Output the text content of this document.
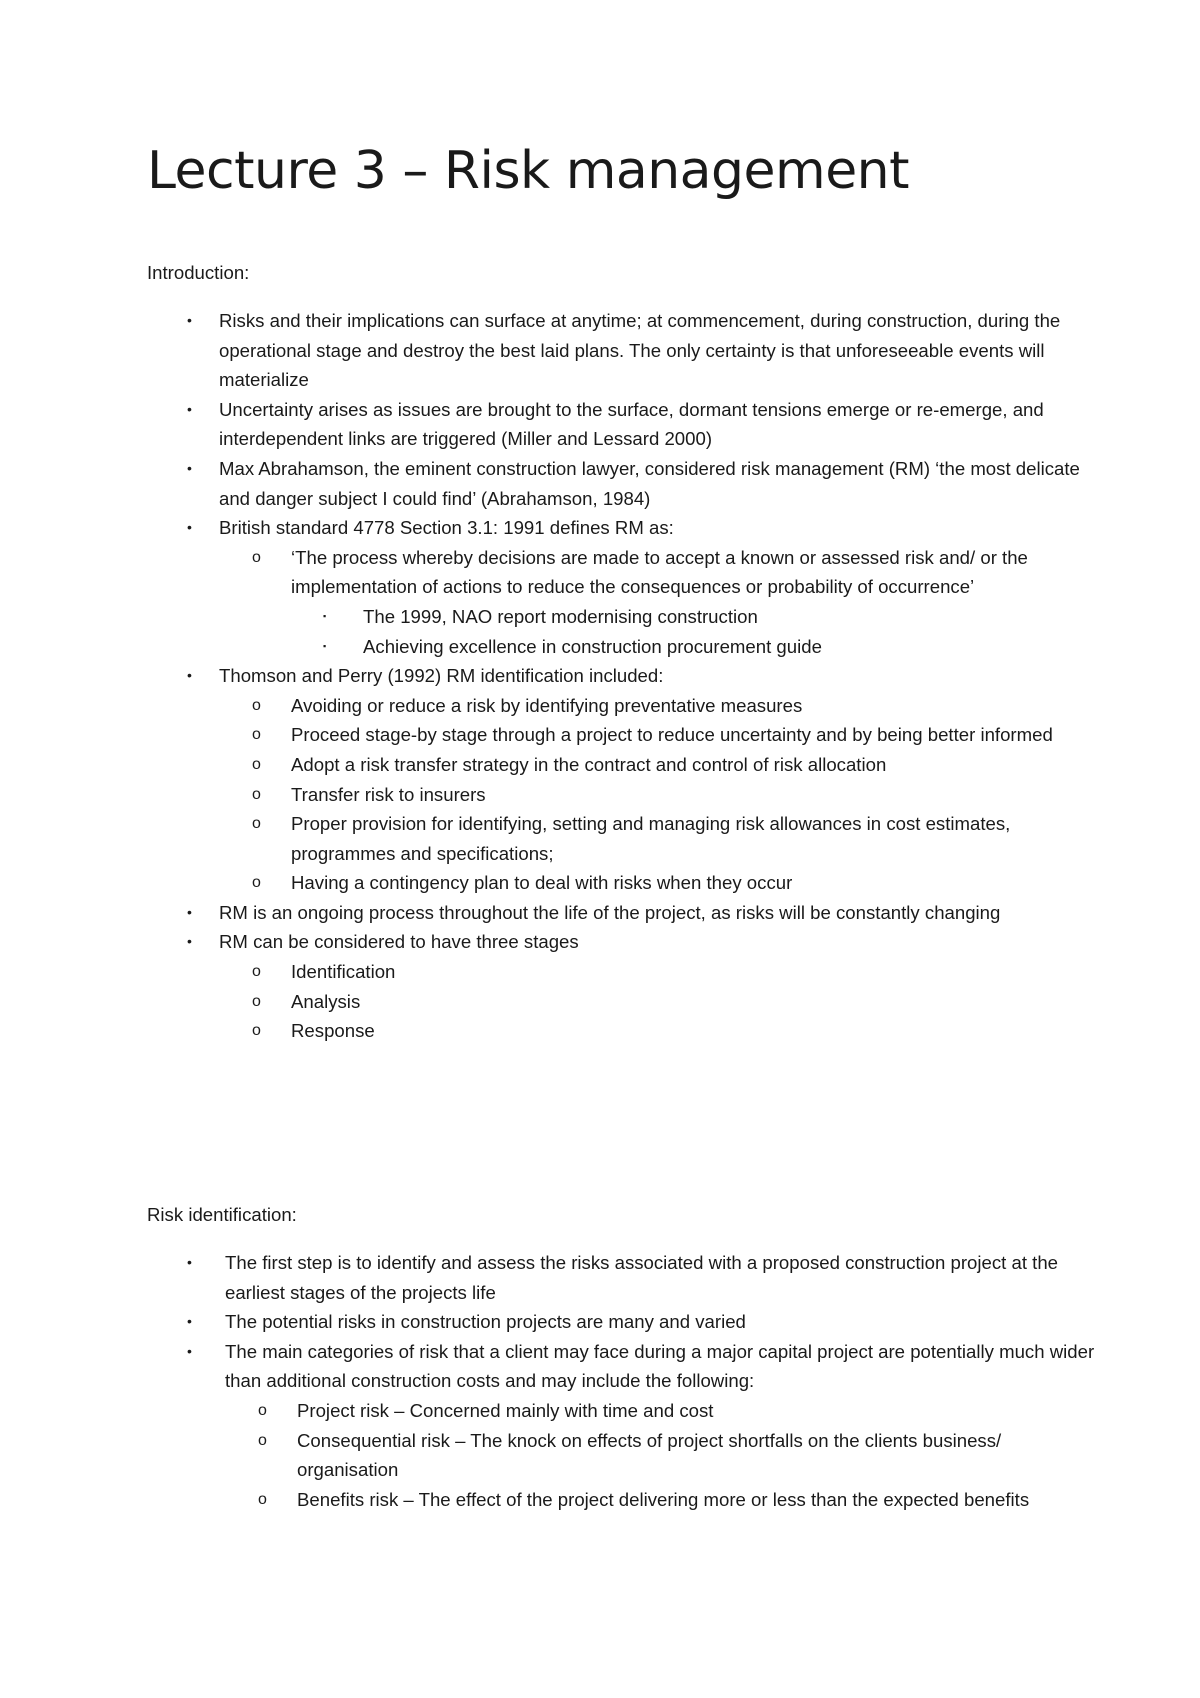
Lecture 3 – Risk management
Introduction:
• Risks and their implications can surface at anytime; at commencement, during construction, during the operational stage and destroy the best laid plans. The only certainty is that unforeseeable events will materialize
• Uncertainty arises as issues are brought to the surface, dormant tensions emerge or re-emerge, and interdependent links are triggered (Miller and Lessard 2000)
• Max Abrahamson, the eminent construction lawyer, considered risk management (RM) ‘the most delicate and danger subject I could find’ (Abrahamson, 1984)
• British standard 4778 Section 3.1: 1991 defines RM as:
o ‘The process whereby decisions are made to accept a known or assessed risk and/ or the implementation of actions to reduce the consequences or probability of occurrence’
▪ The 1999, NAO report modernising construction
▪ Achieving excellence in construction procurement guide
• Thomson and Perry (1992) RM identification included:
o Avoiding or reduce a risk by identifying preventative measures
o Proceed stage-by stage through a project to reduce uncertainty and by being better informed
o Adopt a risk transfer strategy in the contract and control of risk allocation
o Transfer risk to insurers
o Proper provision for identifying, setting and managing risk allowances in cost estimates, programmes and specifications;
o Having a contingency plan to deal with risks when they occur
• RM is an ongoing process throughout the life of the project, as risks will be constantly changing
• RM can be considered to have three stages
o Identification
o Analysis
o Response
Risk identification:
• The first step is to identify and assess the risks associated with a proposed construction project at the earliest stages of the projects life
• The potential risks in construction projects are many and varied
• The main categories of risk that a client may face during a major capital project are potentially much wider than additional construction costs and may include the following:
o Project risk – Concerned mainly with time and cost
o Consequential risk – The knock on effects of project shortfalls on the clients business/ organisation
o Benefits risk – The effect of the project delivering more or less than the expected benefits
